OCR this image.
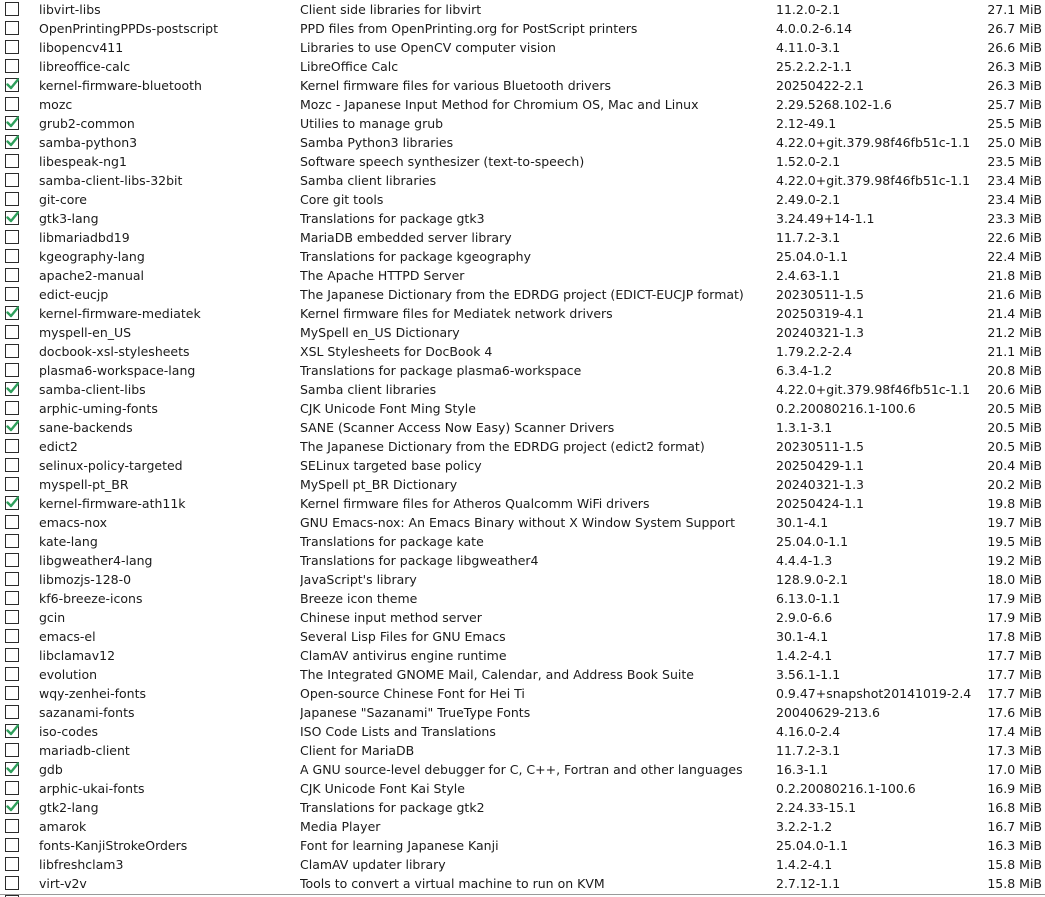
libvirt-libs	Client side libraries for libvirt	11.2.0-2.1	27.1 MiB
OpenPrintingPPDs-postscript	PPD files from OpenPrinting.org for PostScript printers	4.0.0.2-6.14	26.7 MiB
libopencv411	Libraries to use OpenCV computer vision	4.11.0-3.1	26.6 MiB
libreoffice-calc	LibreOffice Calc	25.2.2.2-1.1	26.3 MiB
kernel-firmware-bluetooth	Kernel firmware files for various Bluetooth drivers	20250422-2.1	26.3 MiB
mozc	Mozc - Japanese Input Method for Chromium OS, Mac and Linux	2.29.5268.102-1.6	25.7 MiB
grub2-common	Utilies to manage grub	2.12-49.1	25.5 MiB
samba-python3	Samba Python3 libraries	4.22.0+git.379.98f46fb51c-1.1	25.0 MiB
libespeak-ng1	Software speech synthesizer (text-to-speech)	1.52.0-2.1	23.5 MiB
samba-client-libs-32bit	Samba client libraries	4.22.0+git.379.98f46fb51c-1.1	23.4 MiB
git-core	Core git tools	2.49.0-2.1	23.4 MiB
gtk3-lang	Translations for package gtk3	3.24.49+14-1.1	23.3 MiB
libmariadbd19	MariaDB embedded server library	11.7.2-3.1	22.6 MiB
kgeography-lang	Translations for package kgeography	25.04.0-1.1	22.4 MiB
apache2-manual	The Apache HTTPD Server	2.4.63-1.1	21.8 MiB
edict-eucjp	The Japanese Dictionary from the EDRDG project (EDICT-EUCJP format)	20230511-1.5	21.6 MiB
kernel-firmware-mediatek	Kernel firmware files for Mediatek network drivers	20250319-4.1	21.4 MiB
myspell-en_US	MySpell en_US Dictionary	20240321-1.3	21.2 MiB
docbook-xsl-stylesheets	XSL Stylesheets for DocBook 4	1.79.2.2-2.4	21.1 MiB
plasma6-workspace-lang	Translations for package plasma6-workspace	6.3.4-1.2	20.8 MiB
samba-client-libs	Samba client libraries	4.22.0+git.379.98f46fb51c-1.1	20.6 MiB
arphic-uming-fonts	CJK Unicode Font Ming Style	0.2.20080216.1-100.6	20.5 MiB
sane-backends	SANE (Scanner Access Now Easy) Scanner Drivers	1.3.1-3.1	20.5 MiB
edict2	The Japanese Dictionary from the EDRDG project (edict2 format)	20230511-1.5	20.5 MiB
selinux-policy-targeted	SELinux targeted base policy	20250429-1.1	20.4 MiB
myspell-pt_BR	MySpell pt_BR Dictionary	20240321-1.3	20.2 MiB
kernel-firmware-ath11k	Kernel firmware files for Atheros Qualcomm WiFi drivers	20250424-1.1	19.8 MiB
emacs-nox	GNU Emacs-nox: An Emacs Binary without X Window System Support	30.1-4.1	19.7 MiB
kate-lang	Translations for package kate	25.04.0-1.1	19.5 MiB
libgweather4-lang	Translations for package libgweather4	4.4.4-1.3	19.2 MiB
libmozjs-128-0	JavaScript's library	128.9.0-2.1	18.0 MiB
kf6-breeze-icons	Breeze icon theme	6.13.0-1.1	17.9 MiB
gcin	Chinese input method server	2.9.0-6.6	17.9 MiB
emacs-el	Several Lisp Files for GNU Emacs	30.1-4.1	17.8 MiB
libclamav12	ClamAV antivirus engine runtime	1.4.2-4.1	17.7 MiB
evolution	The Integrated GNOME Mail, Calendar, and Address Book Suite	3.56.1-1.1	17.7 MiB
wqy-zenhei-fonts	Open-source Chinese Font for Hei Ti	0.9.47+snapshot20141019-2.4	17.7 MiB
sazanami-fonts	Japanese "Sazanami" TrueType Fonts	20040629-213.6	17.6 MiB
iso-codes	ISO Code Lists and Translations	4.16.0-2.4	17.4 MiB
mariadb-client	Client for MariaDB	11.7.2-3.1	17.3 MiB
gdb	A GNU source-level debugger for C, C++, Fortran and other languages	16.3-1.1	17.0 MiB
arphic-ukai-fonts	CJK Unicode Font Kai Style	0.2.20080216.1-100.6	16.9 MiB
gtk2-lang	Translations for package gtk2	2.24.33-15.1	16.8 MiB
amarok	Media Player	3.2.2-1.2	16.7 MiB
fonts-KanjiStrokeOrders	Font for learning Japanese Kanji	25.04.0-1.1	16.3 MiB
libfreshclam3	ClamAV updater library	1.4.2-4.1	15.8 MiB
virt-v2v	Tools to convert a virtual machine to run on KVM	2.7.12-1.1	15.8 MiB
